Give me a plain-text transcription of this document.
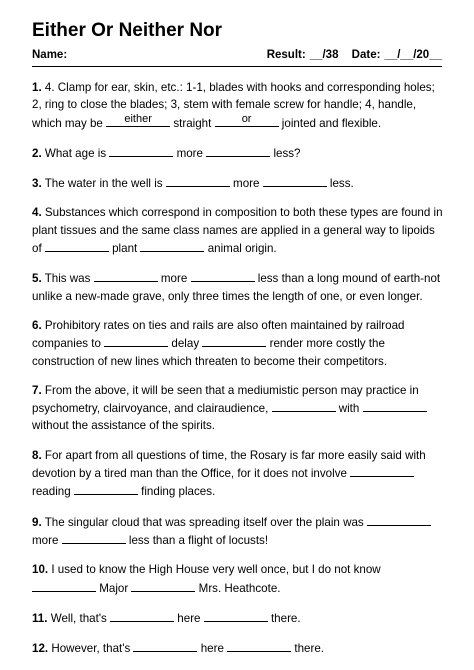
Either Or Neither Nor
Name:	Result: __/38 Date: __/__/20__

1. 4. Clamp for ear, skin, etc.: 1-1, blades with hooks and corresponding holes; 2, ring to close the blades; 3, stem with female screw for handle; 4, handle, which may be	either	straight	or	jointed and flexible.

2. What age is	more	less?

3. The water in the well is	more	less.

4. Substances which correspond in composition to both these types are found in plant tissues and the same class names are applied in a general way to lipoids of	plant	animal origin.

5. This was	more	less than a long mound of earth-not unlike a new-made grave, only three times the length of one, or even longer.

6. Prohibitory rates on ties and rails are also often maintained by railroad companies to	delay	render more costly the construction of new lines which threaten to become their competitors.

7. From the above, it will be seen that a mediumistic person may practice in psychometry, clairvoyance, and clairaudience,	with
without the assistance of the spirits.

8. For apart from all questions of time, the Rosary is far more easily said with devotion by a tired man than the Office, for it does not involve
reading	finding places.

9. The singular cloud that was spreading itself over the plain was
more	less than a flight of locusts!

10. I used to know the High House very well once, but I do not know
Major	Mrs. Heathcote.

11. Well, that's	here	there.

12. However, that's	here	there.
